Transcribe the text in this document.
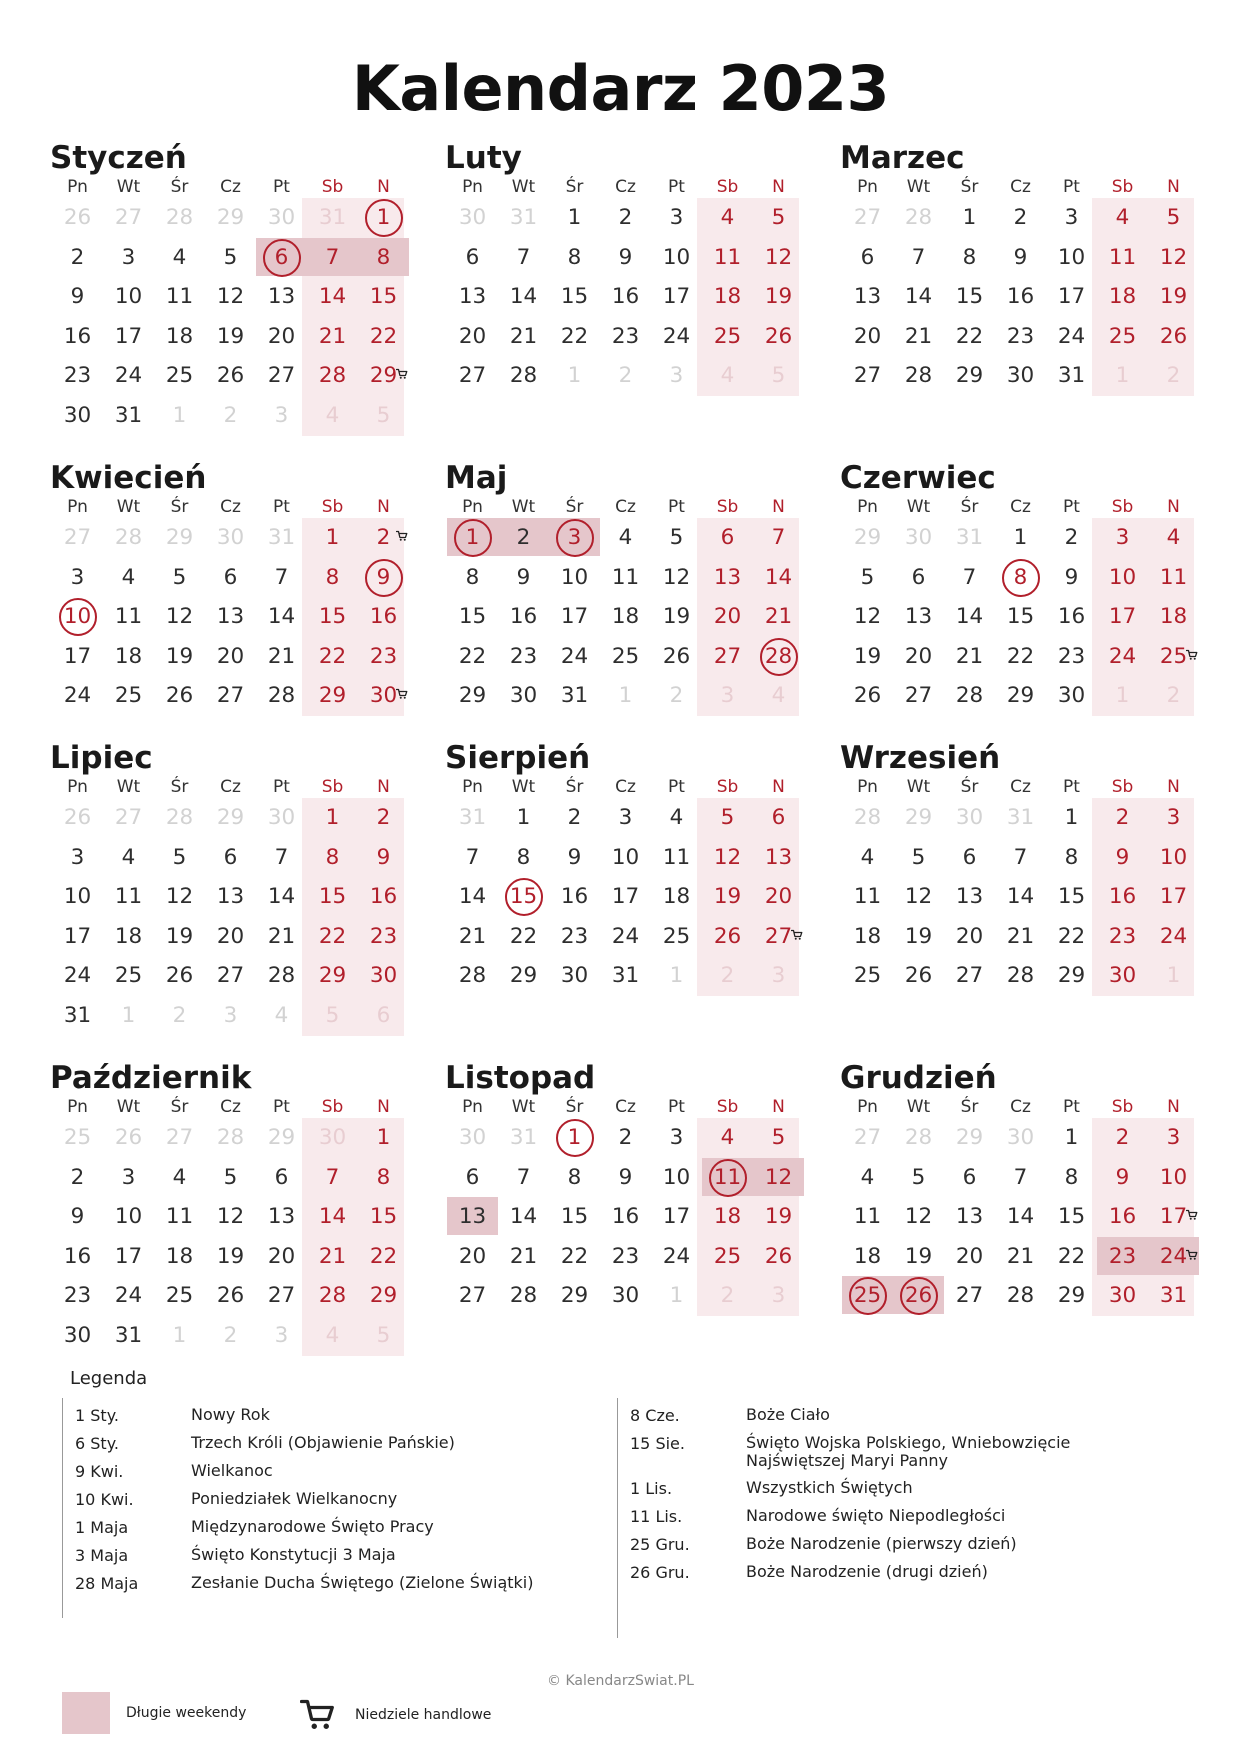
Kalendarz 2023
Styczeń
Pn	Wt	Śr	Cz	Pt	Sb	N
26	27	28	29	30	31	1
2	3	4	5	6	7	8
9	10	11	12	13	14	15
16	17	18	19	20	21	22
23	24	25	26	27	28	29
30	31	1	2	3	4	5
Luty
Pn	Wt	Śr	Cz	Pt	Sb	N
30	31	1	2	3	4	5
6	7	8	9	10	11	12
13	14	15	16	17	18	19
20	21	22	23	24	25	26
27	28	1	2	3	4	5
Marzec
Pn	Wt	Śr	Cz	Pt	Sb	N
27	28	1	2	3	4	5
6	7	8	9	10	11	12
13	14	15	16	17	18	19
20	21	22	23	24	25	26
27	28	29	30	31	1	2
Kwiecień
Pn	Wt	Śr	Cz	Pt	Sb	N
27	28	29	30	31	1	2
3	4	5	6	7	8	9
10	11	12	13	14	15	16
17	18	19	20	21	22	23
24	25	26	27	28	29	30
Maj
Pn	Wt	Śr	Cz	Pt	Sb	N
1	2	3	4	5	6	7
8	9	10	11	12	13	14
15	16	17	18	19	20	21
22	23	24	25	26	27	28
29	30	31	1	2	3	4
Czerwiec
Pn	Wt	Śr	Cz	Pt	Sb	N
29	30	31	1	2	3	4
5	6	7	8	9	10	11
12	13	14	15	16	17	18
19	20	21	22	23	24	25
26	27	28	29	30	1	2
Lipiec
Pn	Wt	Śr	Cz	Pt	Sb	N
26	27	28	29	30	1	2
3	4	5	6	7	8	9
10	11	12	13	14	15	16
17	18	19	20	21	22	23
24	25	26	27	28	29	30
31	1	2	3	4	5	6
Sierpień
Pn	Wt	Śr	Cz	Pt	Sb	N
31	1	2	3	4	5	6
7	8	9	10	11	12	13
14	15	16	17	18	19	20
21	22	23	24	25	26	27
28	29	30	31	1	2	3
Wrzesień
Pn	Wt	Śr	Cz	Pt	Sb	N
28	29	30	31	1	2	3
4	5	6	7	8	9	10
11	12	13	14	15	16	17
18	19	20	21	22	23	24
25	26	27	28	29	30	1
Październik
Pn	Wt	Śr	Cz	Pt	Sb	N
25	26	27	28	29	30	1
2	3	4	5	6	7	8
9	10	11	12	13	14	15
16	17	18	19	20	21	22
23	24	25	26	27	28	29
30	31	1	2	3	4	5
Listopad
Pn	Wt	Śr	Cz	Pt	Sb	N
30	31	1	2	3	4	5
6	7	8	9	10	11	12
13	14	15	16	17	18	19
20	21	22	23	24	25	26
27	28	29	30	1	2	3
Grudzień
Pn	Wt	Śr	Cz	Pt	Sb	N
27	28	29	30	1	2	3
4	5	6	7	8	9	10
11	12	13	14	15	16	17
18	19	20	21	22	23	24
25	26	27	28	29	30	31
Legenda
1 Sty.	Nowy Rok
6 Sty.	Trzech Króli (Objawienie Pańskie)
9 Kwi.	Wielkanoc
10 Kwi.	Poniedziałek Wielkanocny
1 Maja	Międzynarodowe Święto Pracy
3 Maja	Święto Konstytucji 3 Maja
28 Maja	Zesłanie Ducha Świętego (Zielone Świątki)
8 Cze.	Boże Ciało
15 Sie.	Święto Wojska Polskiego, Wniebowzięcie Najświętszej Maryi Panny
1 Lis.	Wszystkich Świętych
11 Lis.	Narodowe święto Niepodległości
25 Gru.	Boże Narodzenie (pierwszy dzień)
26 Gru.	Boże Narodzenie (drugi dzień)
© KalendarzSwiat.PL
Długie weekendy	Niedziele handlowe
